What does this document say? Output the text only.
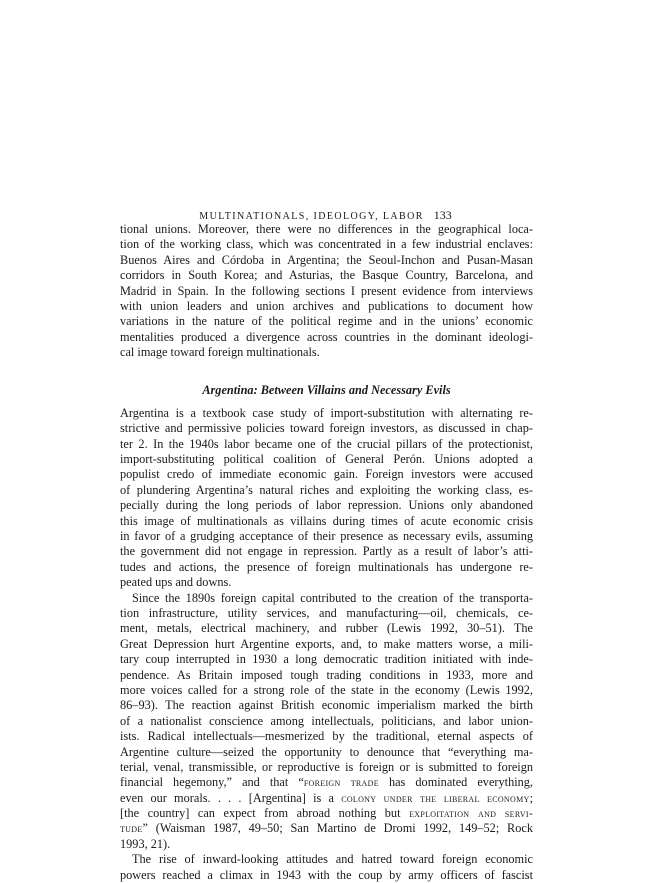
MULTINATIONALS, IDEOLOGY, LABOR 133
tional unions. Moreover, there were no differences in the geographical loca-
tion of the working class, which was concentrated in a few industrial enclaves:
Buenos Aires and Córdoba in Argentina; the Seoul-Inchon and Pusan-Masan
corridors in South Korea; and Asturias, the Basque Country, Barcelona, and
Madrid in Spain. In the following sections I present evidence from interviews
with union leaders and union archives and publications to document how
variations in the nature of the political regime and in the unions’ economic
mentalities produced a divergence across countries in the dominant ideologi-
cal image toward foreign multinationals.
Argentina: Between Villains and Necessary Evils
Argentina is a textbook case study of import-substitution with alternating re-
strictive and permissive policies toward foreign investors, as discussed in chap-
ter 2. In the 1940s labor became one of the crucial pillars of the protectionist,
import-substituting political coalition of General Perón. Unions adopted a
populist credo of immediate economic gain. Foreign investors were accused
of plundering Argentina’s natural riches and exploiting the working class, es-
pecially during the long periods of labor repression. Unions only abandoned
this image of multinationals as villains during times of acute economic crisis
in favor of a grudging acceptance of their presence as necessary evils, assuming
the government did not engage in repression. Partly as a result of labor’s atti-
tudes and actions, the presence of foreign multinationals has undergone re-
peated ups and downs.
Since the 1890s foreign capital contributed to the creation of the transporta-
tion infrastructure, utility services, and manufacturing—oil, chemicals, ce-
ment, metals, electrical machinery, and rubber (Lewis 1992, 30–51). The
Great Depression hurt Argentine exports, and, to make matters worse, a mili-
tary coup interrupted in 1930 a long democratic tradition initiated with inde-
pendence. As Britain imposed tough trading conditions in 1933, more and
more voices called for a strong role of the state in the economy (Lewis 1992,
86–93). The reaction against British economic imperialism marked the birth
of a nationalist conscience among intellectuals, politicians, and labor union-
ists. Radical intellectuals—mesmerized by the traditional, eternal aspects of
Argentine culture—seized the opportunity to denounce that “everything ma-
terial, venal, transmissible, or reproductive is foreign or is submitted to foreign
financial hegemony,” and that “foreign trade has dominated everything,
even our morals. . . . [Argentina] is a colony under the liberal economy;
[the country] can expect from abroad nothing but exploitation and servi-
tude” (Waisman 1987, 49–50; San Martino de Dromi 1992, 149–52; Rock
1993, 21).
The rise of inward-looking attitudes and hatred toward foreign economic
powers reached a climax in 1943 with the coup by army officers of fascist
